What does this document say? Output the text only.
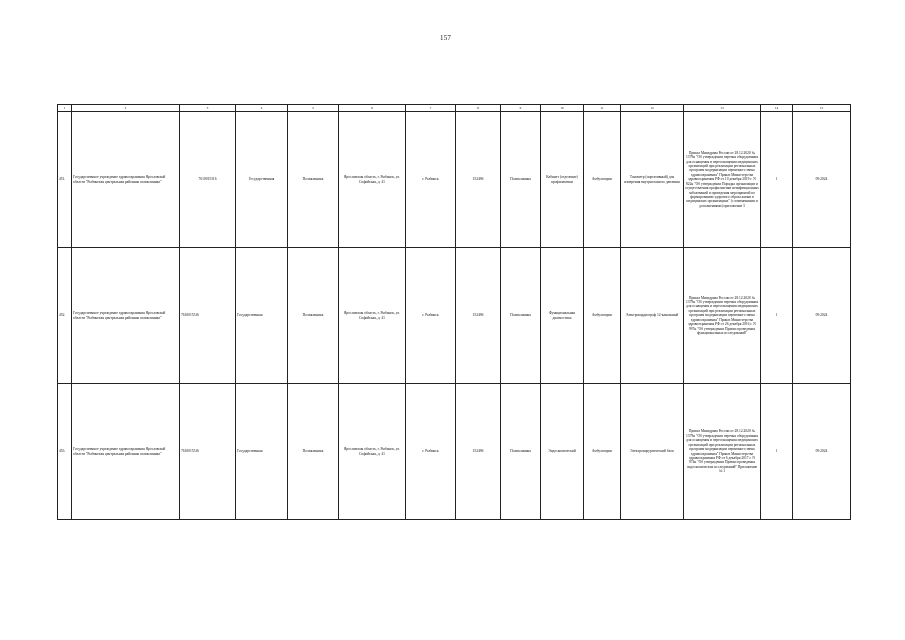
157
1	2	3	4	5	6	7	8	9	10	11	12	13	14	15
451.	Государственное учреждение здравоохранения Ярославской области "Рыбинская центральная районная поликлиника"	7610015316	Государственная	Поликлиника	Ярославская область, г. Рыбинск, ул. Софийская, д. 41	г. Рыбинск	152496	Поликлиника	Кабинет (отделение) профилактики	Амбулаторно	Тонометр (портативный) для измерения внутриглазного давления	Приказ Минздрава России от 28.12.2020 № 1379н "Об утверждении перечня оборудования для оснащения и переоснащения медицинских организаций при реализации региональных программ модернизации первичного звена здравоохранения" Приказ Министерства здравоохранения РФ от 10 декабря 2019 г. N 822н "Об утверждении Порядка организации и осуществления профилактики неинфекционных заболеваний и проведения мероприятий по формированию здорового образа жизни в медицинских организациях" (с изменениями и дополнениями) приложение 3	1	09.2024
452.	Государственное учреждение здравоохранения Ярославской области "Рыбинская центральная районная поликлиника"	7610015316	Государственная	Поликлиника	Ярославская область, г. Рыбинск, ул. Софийская, д. 41	г. Рыбинск	152496	Поликлиника	Функциональная диагностика	Амбулаторно	Электрокардиограф 12-канальный	Приказ Минздрава России от 28.12.2020 № 1379н "Об утверждении перечня оборудования для оснащения и переоснащения медицинских организаций при реализации региональных программ модернизации первичного звена здравоохранения" Приказ Министерства здравоохранения РФ от 26 декабря 2016 г. N 997н "Об утверждении Правил проведения функциональных исследований"	1	09.2024
453.	Государственное учреждение здравоохранения Ярославской области "Рыбинская центральная районная поликлиника"	7610015316	Государственная	Поликлиника	Ярославская область, г. Рыбинск, ул. Софийская, д. 41	г. Рыбинск	152496	Поликлиника	Эндоскопический	Амбулаторно	Электрохирургический блок	Приказ Минздрава России от 28.12.2020 № 1379н "Об утверждении перечня оборудования для оснащения и переоснащения медицинских организаций при реализации региональных программ модернизации первичного звена здравоохранения" Приказ Министерства здравоохранения РФ от 6 декабря 2017 г. N 974н "Об утверждении Правил проведения эндоскопических исследований" Приложение № 1	1	09.2024
